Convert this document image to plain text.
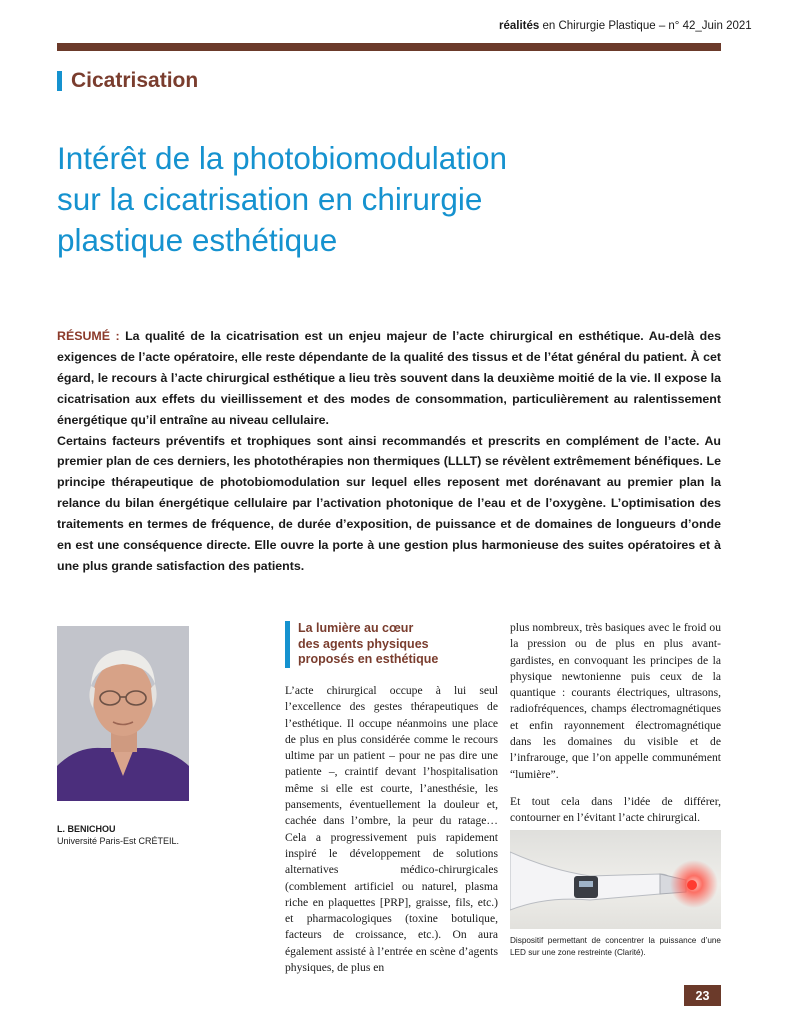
réalités en Chirurgie Plastique – n° 42_Juin 2021
Cicatrisation
Intérêt de la photobiomodulation
sur la cicatrisation en chirurgie
plastique esthétique

RÉSUMÉ : La qualité de la cicatrisation est un enjeu majeur de l’acte chirurgical en esthétique. Au-delà des exigences de l’acte opératoire, elle reste dépendante de la qualité des tissus et de l’état général du patient. À cet égard, le recours à l’acte chirurgical esthétique a lieu très souvent dans la deuxième moitié de la vie. Il expose la cicatrisation aux effets du vieillissement et des modes de consommation, particulièrement au ralentissement énergétique qu’il entraîne au niveau cellulaire.

Certains facteurs préventifs et trophiques sont ainsi recommandés et prescrits en complément de l’acte. Au premier plan de ces derniers, les photothérapies non thermiques (LLLT) se révèlent extrêmement bénéfiques. Le principe thérapeutique de photobiomodulation sur lequel elles reposent met dorénavant au premier plan la relance du bilan énergétique cellulaire par l’activation photonique de l’eau et de l’oxygène. L’optimisation des traitements en termes de fréquence, de durée d’exposition, de puissance et de domaines de longueurs d’onde en est une conséquence directe. Elle ouvre la porte à une gestion plus harmonieuse des suites opératoires et à une plus grande satisfaction des patients.

L. BENICHOU
Université Paris-Est CRÉTEIL.
La lumière au cœur
des agents physiques
proposés en esthétique

L’acte chirurgical occupe à lui seul l’excellence des gestes thérapeutiques de l’esthétique. Il occupe néanmoins une place de plus en plus considérée comme le recours ultime par un patient – pour ne pas dire une patiente –, craintif devant l’hospitalisation même si elle est courte, l’anesthésie, les pansements, éventuellement la douleur et, cachée dans l’ombre, la peur du ratage… Cela a progressivement puis rapidement inspiré le développement de solutions alternatives médico-chirurgicales (comblement artificiel ou naturel, plasma riche en plaquettes [PRP], graisse, fils, etc.) et pharmacologiques (toxine botulique, facteurs de croissance, etc.). On aura également assisté à l’entrée en scène d’agents physiques, de plus en

plus nombreux, très basiques avec le froid ou la pression ou de plus en plus avant-gardistes, en convoquant les principes de la physique newtonienne puis ceux de la quantique : courants électriques, ultrasons, radiofréquences, champs électromagnétiques et enfin rayonnement électromagnétique dans les domaines du visible et de l’infrarouge, que l’on appelle communément “lumière”.

Et tout cela dans l’idée de différer, contourner en l’évitant l’acte chirurgical.

Dispositif permettant de concentrer la puissance d’une LED sur une zone restreinte (Clarité).
23
